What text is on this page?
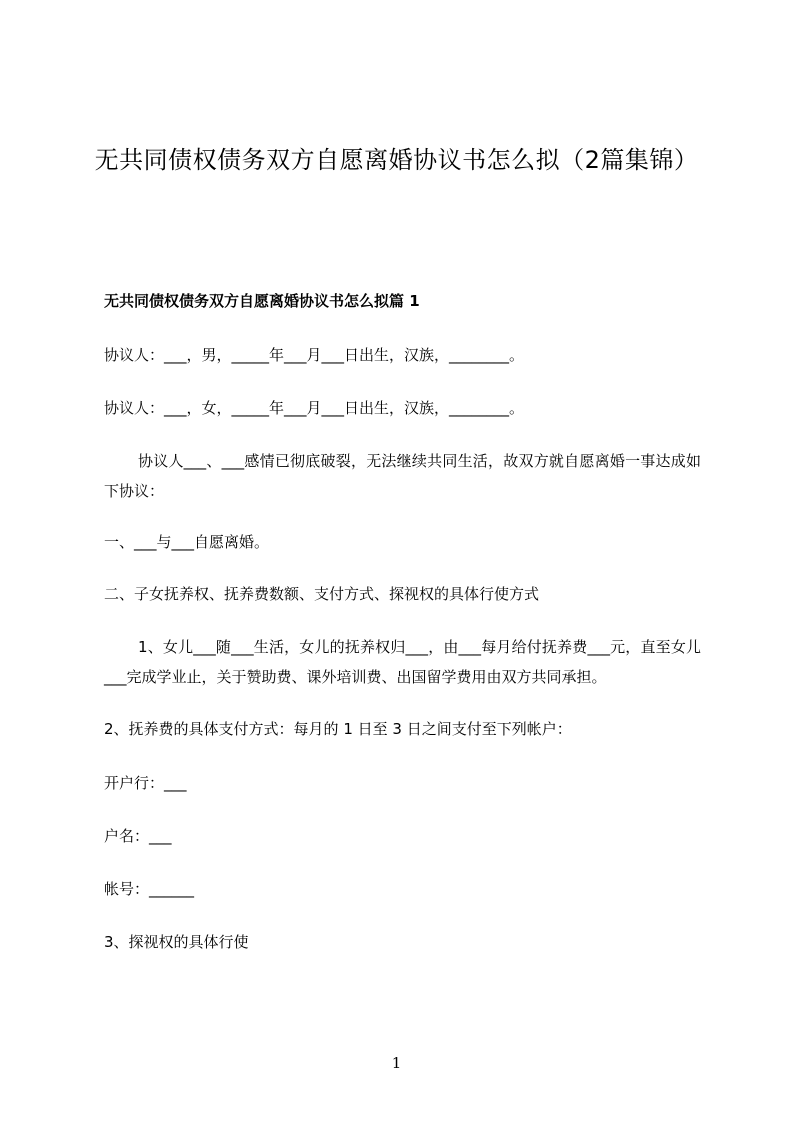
无共同债权债务双方自愿离婚协议书怎么拟（2篇集锦）

无共同债权债务双方自愿离婚协议书怎么拟篇 1

协议人：___，男，_____年___月___日出生，汉族，________。

协议人：___，女，_____年___月___日出生，汉族，________。

协议人___、___感情已彻底破裂，无法继续共同生活，故双方就自愿离婚一事达成如下协议：

一、___与___自愿离婚。

二、子女抚养权、抚养费数额、支付方式、探视权的具体行使方式

1、女儿___随___生活，女儿的抚养权归___，由___每月给付抚养费___元，直至女儿___完成学业止，关于赞助费、课外培训费、出国留学费用由双方共同承担。

2、抚养费的具体支付方式：每月的 1 日至 3 日之间支付至下列帐户：

开户行：___

户名：___

帐号：______

3、探视权的具体行使

1
